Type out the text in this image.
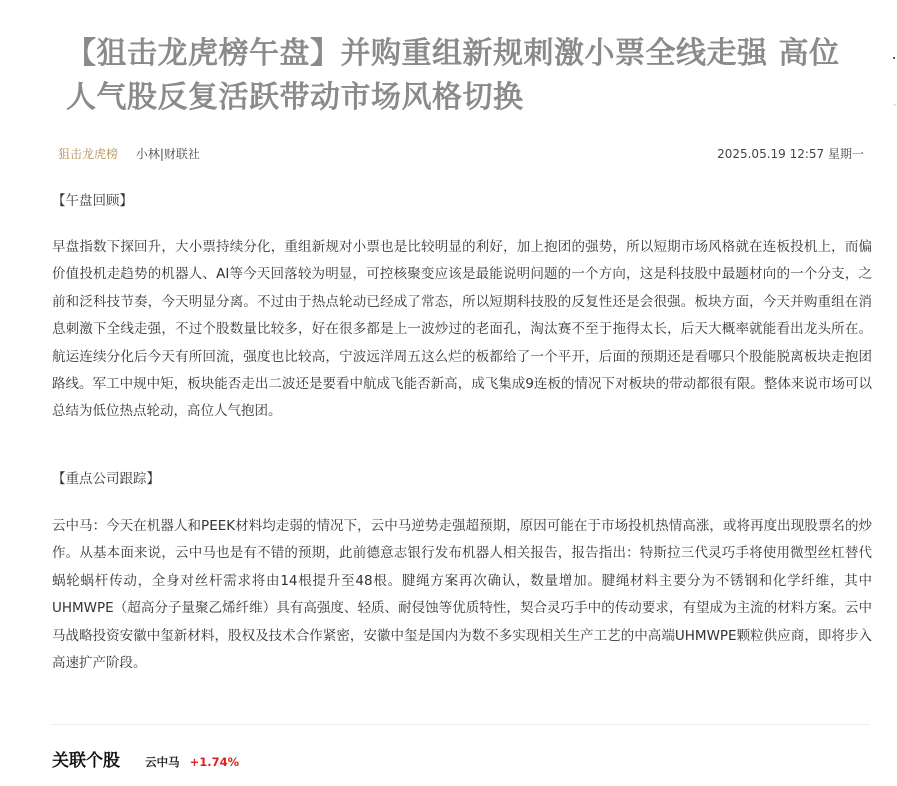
【狙击龙虎榜午盘】并购重组新规刺激小票全线走强 高位人气股反复活跃带动市场风格切换
狙击龙虎榜 小林|财联社	2025.05.19 12:57 星期一
【午盘回顾】

早盘指数下探回升，大小票持续分化，重组新规对小票也是比较明显的利好，加上抱团的强势，所以短期市场风格就在连板投机上，而偏价值投机走趋势的机器人、AI等今天回落较为明显，可控核聚变应该是最能说明问题的一个方向，这是科技股中最题材向的一个分支，之前和泛科技节奏，今天明显分离。不过由于热点轮动已经成了常态，所以短期科技股的反复性还是会很强。板块方面，今天并购重组在消息刺激下全线走强，不过个股数量比较多，好在很多都是上一波炒过的老面孔，淘汰赛不至于拖得太长，后天大概率就能看出龙头所在。航运连续分化后今天有所回流，强度也比较高，宁波远洋周五这么烂的板都给了一个平开，后面的预期还是看哪只个股能脱离板块走抱团路线。军工中规中矩，板块能否走出二波还是要看中航成飞能否新高，成飞集成9连板的情况下对板块的带动都很有限。整体来说市场可以总结为低位热点轮动，高位人气抱团。

【重点公司跟踪】

云中马：今天在机器人和PEEK材料均走弱的情况下，云中马逆势走强超预期，原因可能在于市场投机热情高涨，或将再度出现股票名的炒作。从基本面来说，云中马也是有不错的预期，此前德意志银行发布机器人相关报告，报告指出：特斯拉三代灵巧手将使用微型丝杠替代蜗轮蜗杆传动，全身对丝杆需求将由14根提升至48根。腱绳方案再次确认，数量增加。腱绳材料主要分为不锈钢和化学纤维，其中UHMWPE（超高分子量聚乙烯纤维）具有高强度、轻质、耐侵蚀等优质特性，契合灵巧手中的传动要求，有望成为主流的材料方案。云中马战略投资安徽中玺新材料，股权及技术合作紧密，安徽中玺是国内为数不多实现相关生产工艺的中高端UHMWPE颗粒供应商，即将步入高速扩产阶段。

关联个股 云中马 +1.74%
